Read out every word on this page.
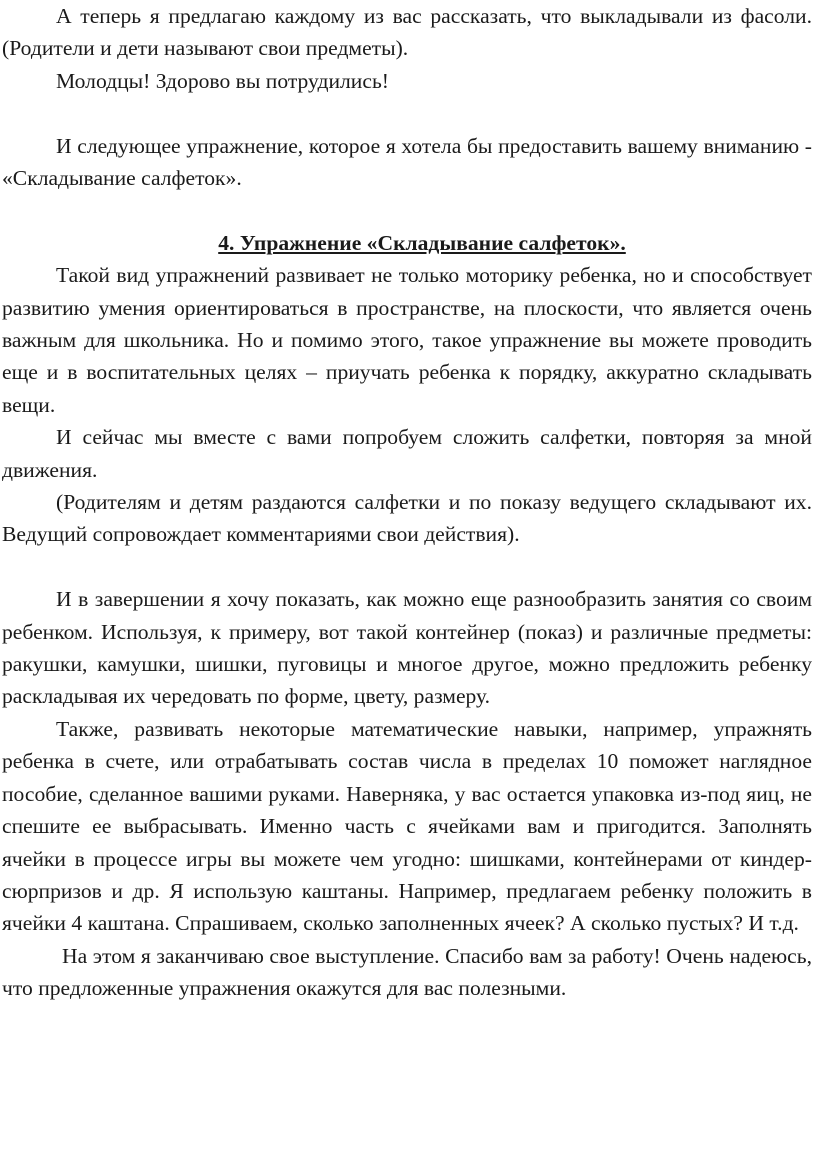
А теперь я предлагаю каждому из вас рассказать, что выкладывали из фасоли. (Родители и дети называют свои предметы).

Молодцы! Здорово вы потрудились!

И следующее упражнение, которое я хотела бы предоставить вашему вниманию - «Складывание салфеток».

4. Упражнение «Складывание салфеток».

Такой вид упражнений развивает не только моторику ребенка, но и способствует развитию умения ориентироваться в пространстве, на плоскости, что является очень важным для школьника. Но и помимо этого, такое упражнение вы можете проводить еще и в воспитательных целях – приучать ребенка к порядку, аккуратно складывать вещи.

И сейчас мы вместе с вами попробуем сложить салфетки, повторяя за мной движения.

(Родителям и детям раздаются салфетки и по показу ведущего складывают их. Ведущий сопровождает комментариями свои действия).

И в завершении я хочу показать, как можно еще разнообразить занятия со своим ребенком. Используя, к примеру, вот такой контейнер (показ) и различные предметы: ракушки, камушки, шишки, пуговицы и многое другое, можно предложить ребенку раскладывая их чередовать по форме, цвету, размеру.

Также, развивать некоторые математические навыки, например, упражнять ребенка в счете, или отрабатывать состав числа в пределах 10 поможет наглядное пособие, сделанное вашими руками. Наверняка, у вас остается упаковка из-под яиц, не спешите ее выбрасывать. Именно часть с ячейками вам и пригодится. Заполнять ячейки в процессе игры вы можете чем угодно: шишками, контейнерами от киндер-сюрпризов и др. Я использую каштаны. Например, предлагаем ребенку положить в ячейки 4 каштана. Спрашиваем, сколько заполненных ячеек? А сколько пустых? И т.д.

На этом я заканчиваю свое выступление. Спасибо вам за работу! Очень надеюсь, что предложенные упражнения окажутся для вас полезными.
